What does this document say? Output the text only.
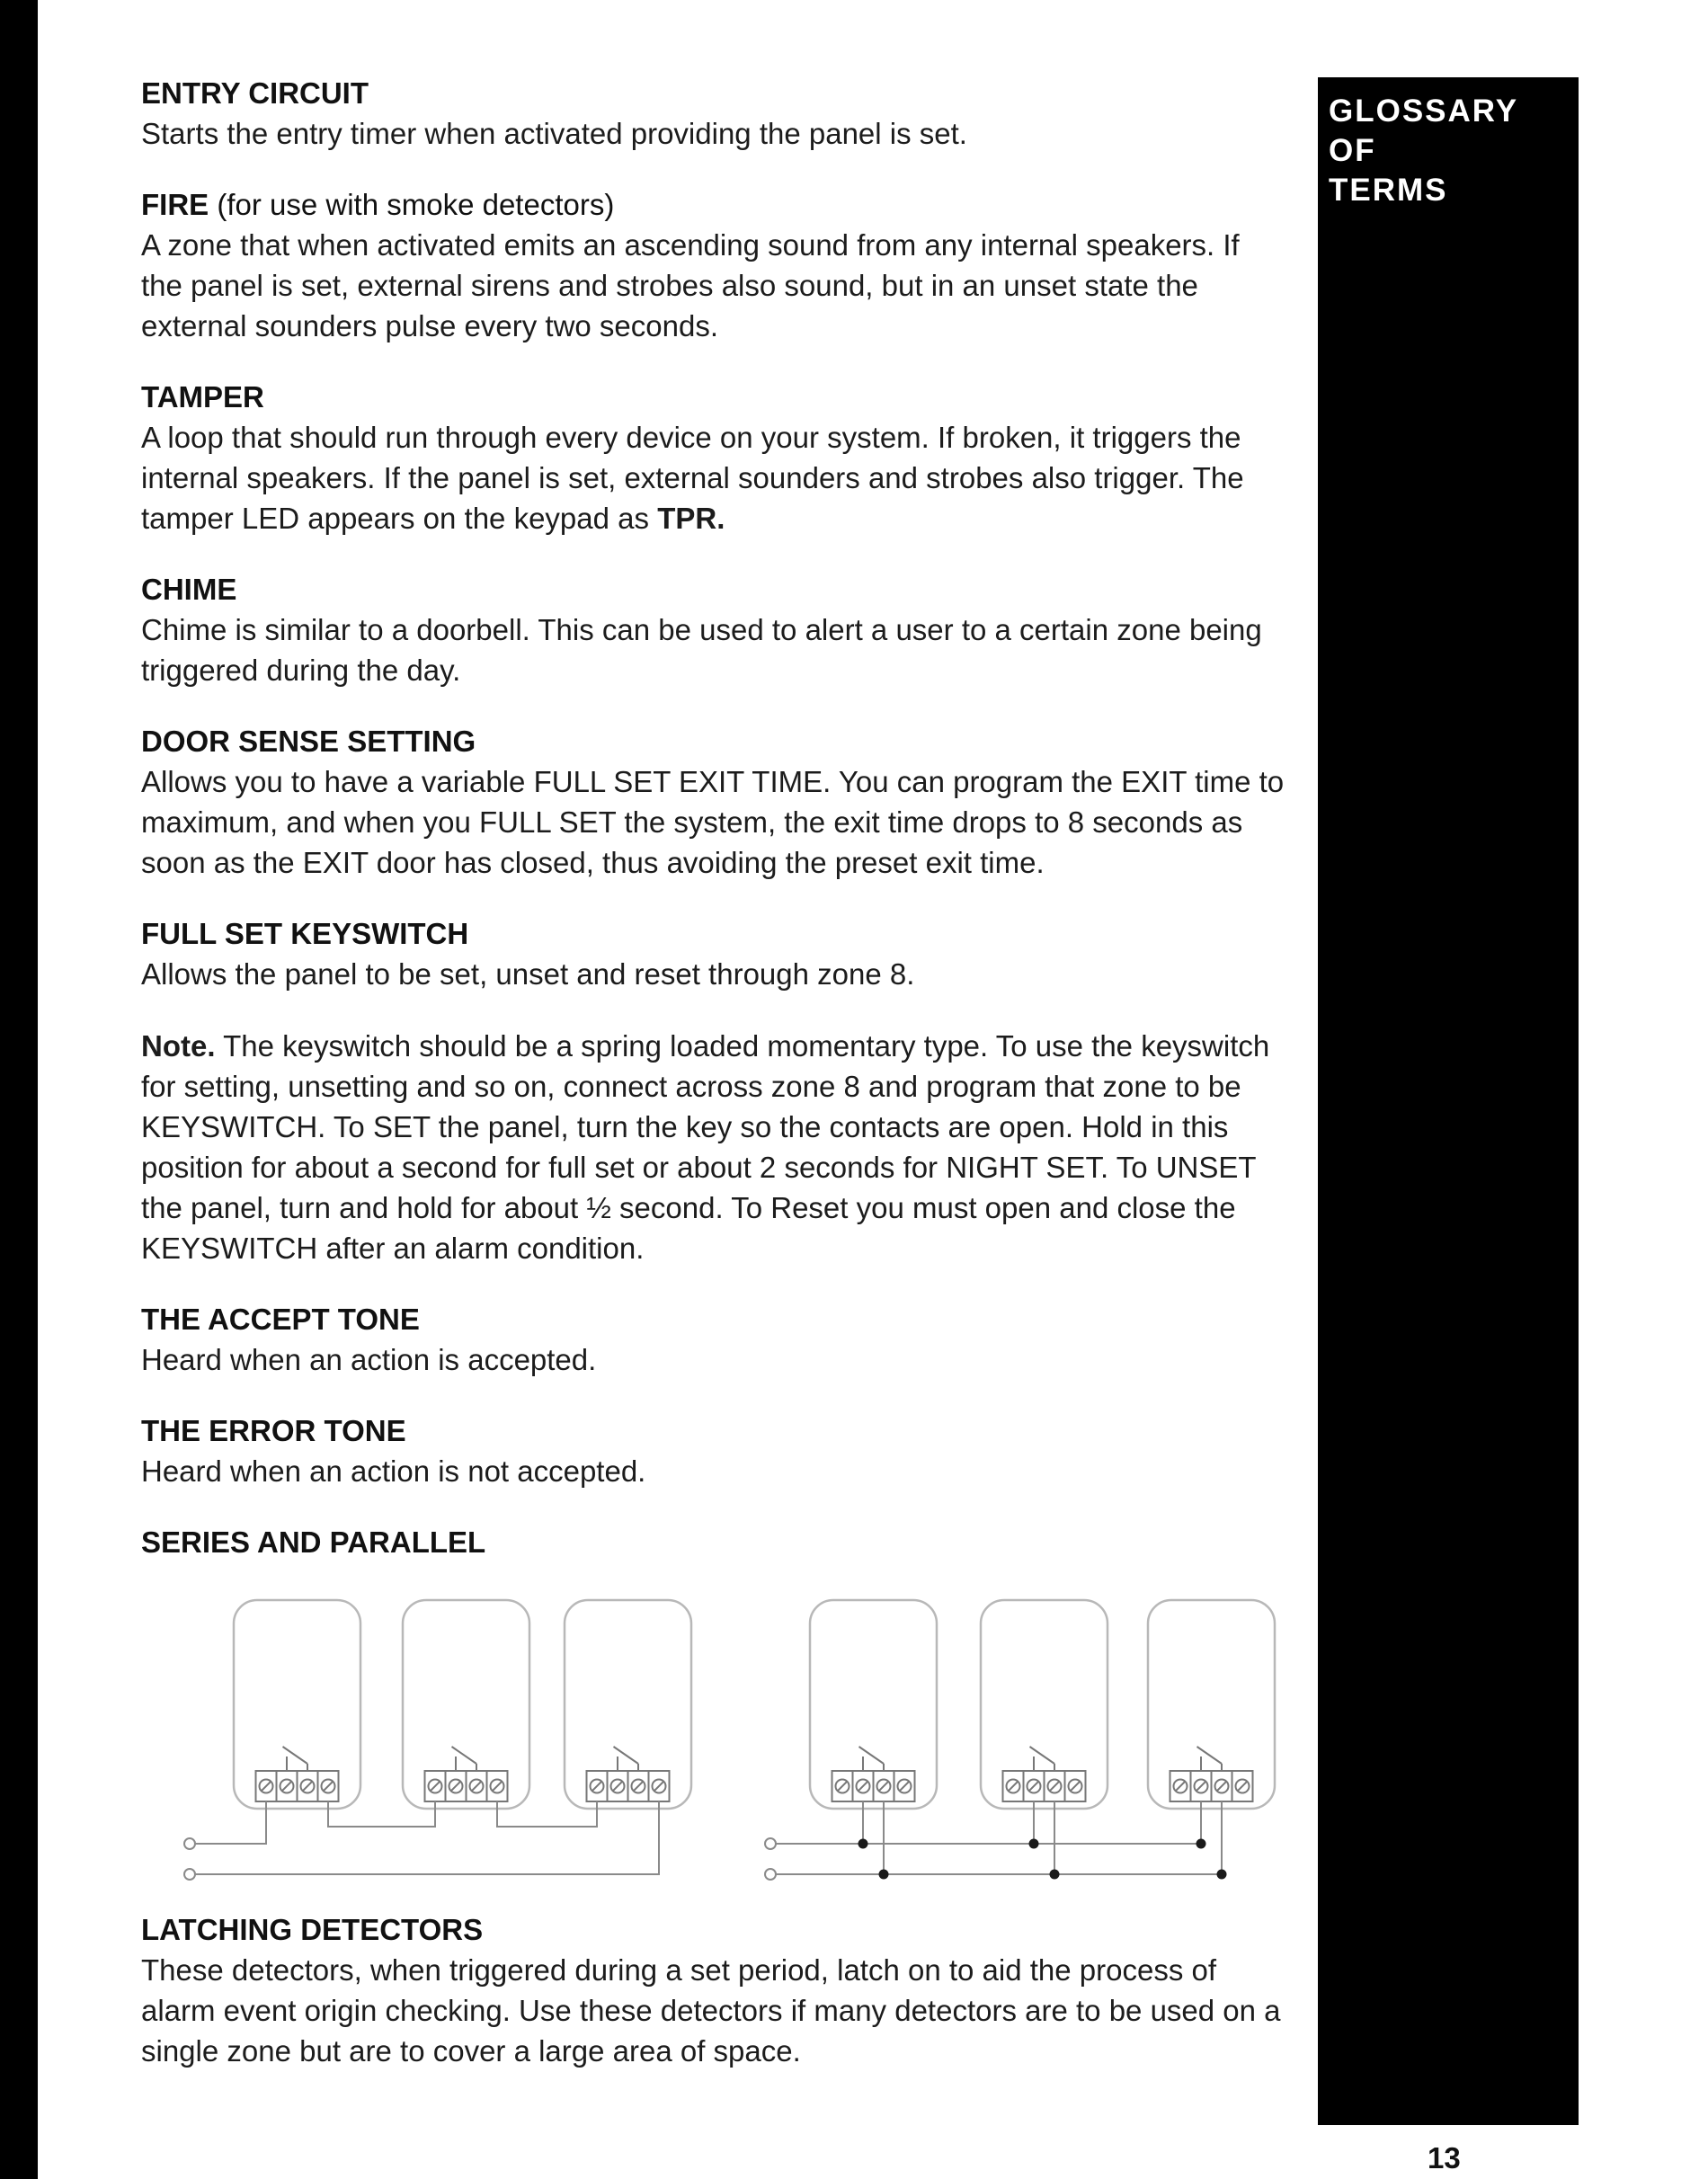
ENTRY CIRCUIT

Starts the entry timer when activated providing the panel is set.

FIRE (for use with smoke detectors)

A zone that when activated emits an ascending sound from any internal speakers. If the panel is set, external sirens and strobes also sound, but in an unset state the external sounders pulse every two seconds.

TAMPER

A loop that should run through every device on your system. If broken, it triggers the internal speakers. If the panel is set, external sounders and strobes also trigger. The tamper LED appears on the keypad as TPR.

CHIME

Chime is similar to a doorbell. This can be used to alert a user to a certain zone being triggered during the day.

DOOR SENSE SETTING

Allows you to have a variable FULL SET EXIT TIME. You can program the EXIT time to maximum, and when you FULL SET the system, the exit time drops to 8 seconds as soon as the EXIT door has closed, thus avoiding the preset exit time.

FULL SET KEYSWITCH

Allows the panel to be set, unset and reset through zone 8.

Note. The keyswitch should be a spring loaded momentary type. To use the keyswitch for setting, unsetting and so on, connect across zone 8 and program that zone to be KEYSWITCH. To SET the panel, turn the key so the contacts are open. Hold in this position for about a second for full set or about 2 seconds for NIGHT SET. To UNSET the panel, turn and hold for about ½ second. To Reset you must open and close the KEYSWITCH after an alarm condition.

THE ACCEPT TONE

Heard when an action is accepted.

THE ERROR TONE

Heard when an action is not accepted.

SERIES AND PARALLEL
LATCHING DETECTORS

These detectors, when triggered during a set period, latch on to aid the process of alarm event origin checking. Use these detectors if many detectors are to be used on a single zone but are to cover a large area of space.

GLOSSARY OF
TERMS
13
